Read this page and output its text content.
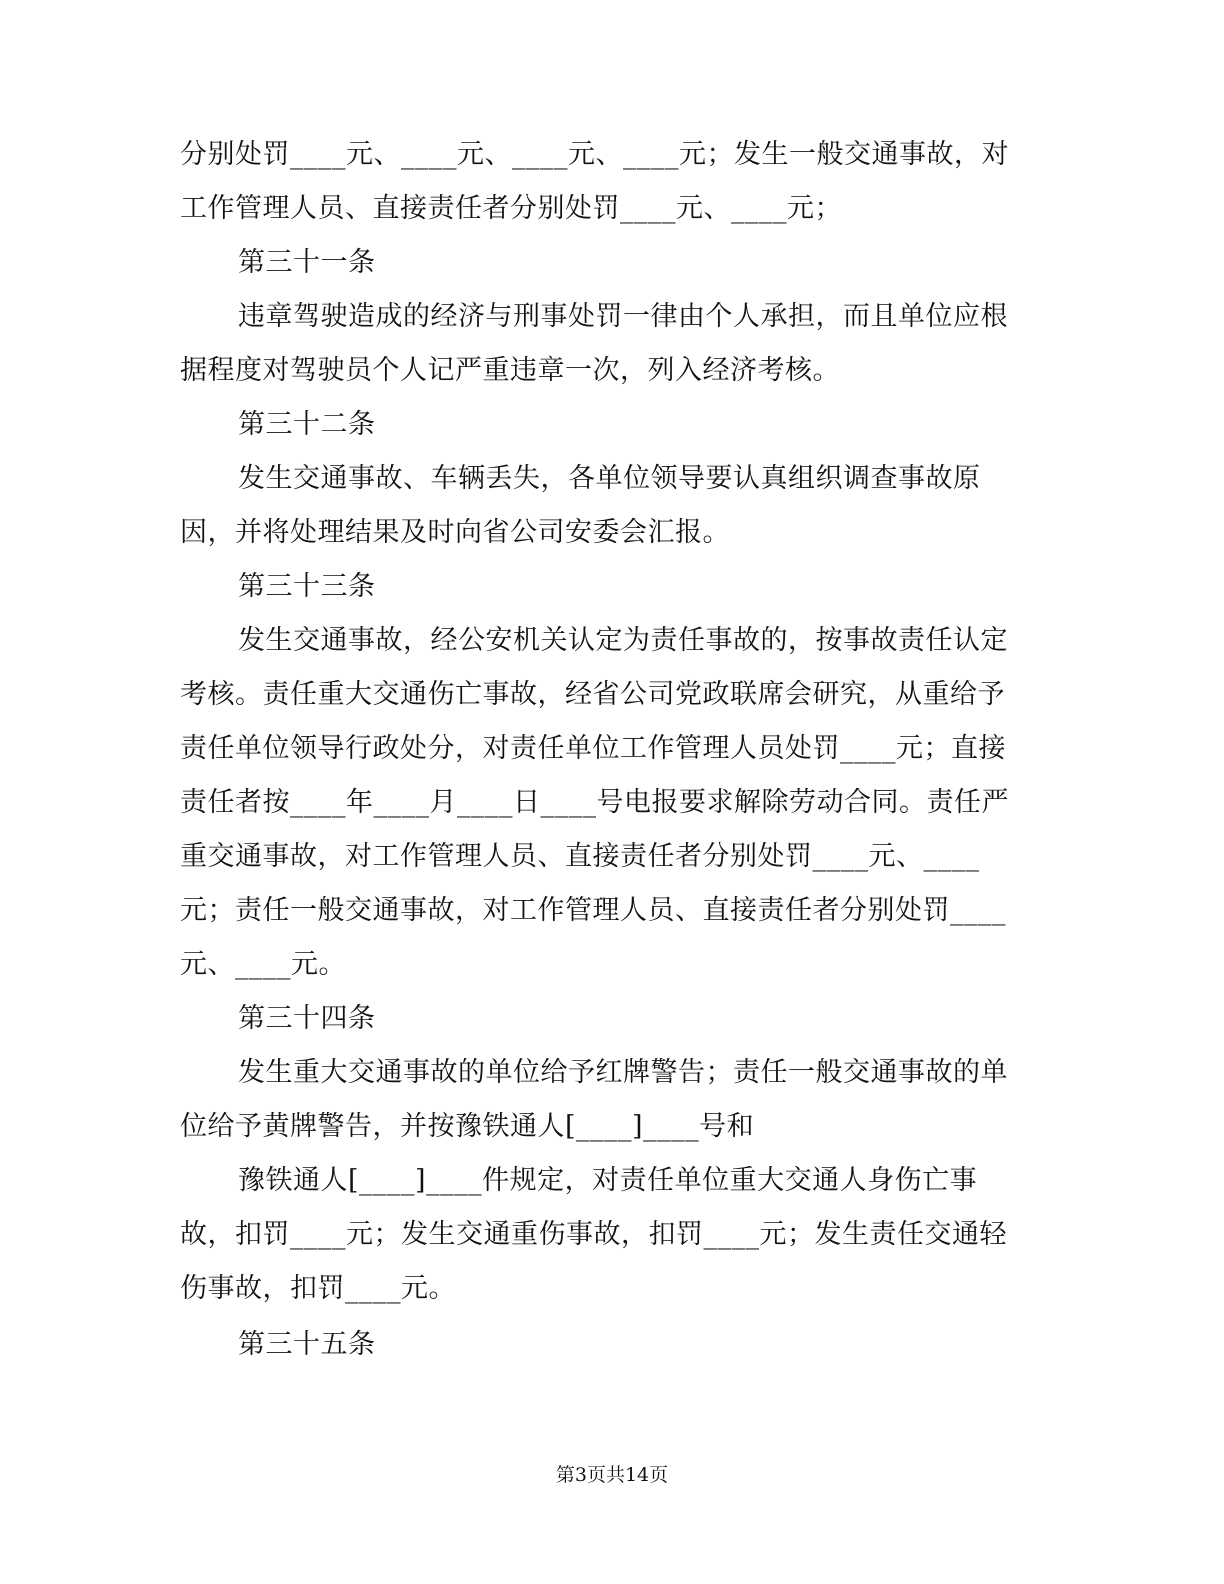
分别处罚____元、____元、____元、____元；发生一般交通事故，对
工作管理人员、直接责任者分别处罚____元、____元；
第三十一条
违章驾驶造成的经济与刑事处罚一律由个人承担，而且单位应根
据程度对驾驶员个人记严重违章一次，列入经济考核。
第三十二条
发生交通事故、车辆丢失，各单位领导要认真组织调查事故原
因，并将处理结果及时向省公司安委会汇报。
第三十三条
发生交通事故，经公安机关认定为责任事故的，按事故责任认定
考核。责任重大交通伤亡事故，经省公司党政联席会研究，从重给予
责任单位领导行政处分，对责任单位工作管理人员处罚____元；直接
责任者按____年____月____日____号电报要求解除劳动合同。责任严
重交通事故，对工作管理人员、直接责任者分别处罚____元、____
元；责任一般交通事故，对工作管理人员、直接责任者分别处罚____
元、____元。
第三十四条
发生重大交通事故的单位给予红牌警告；责任一般交通事故的单
位给予黄牌警告，并按豫铁通人[____]____号和
豫铁通人[____]____件规定，对责任单位重大交通人身伤亡事
故，扣罚____元；发生交通重伤事故，扣罚____元；发生责任交通轻
伤事故，扣罚____元。
第三十五条
第3页共14页
